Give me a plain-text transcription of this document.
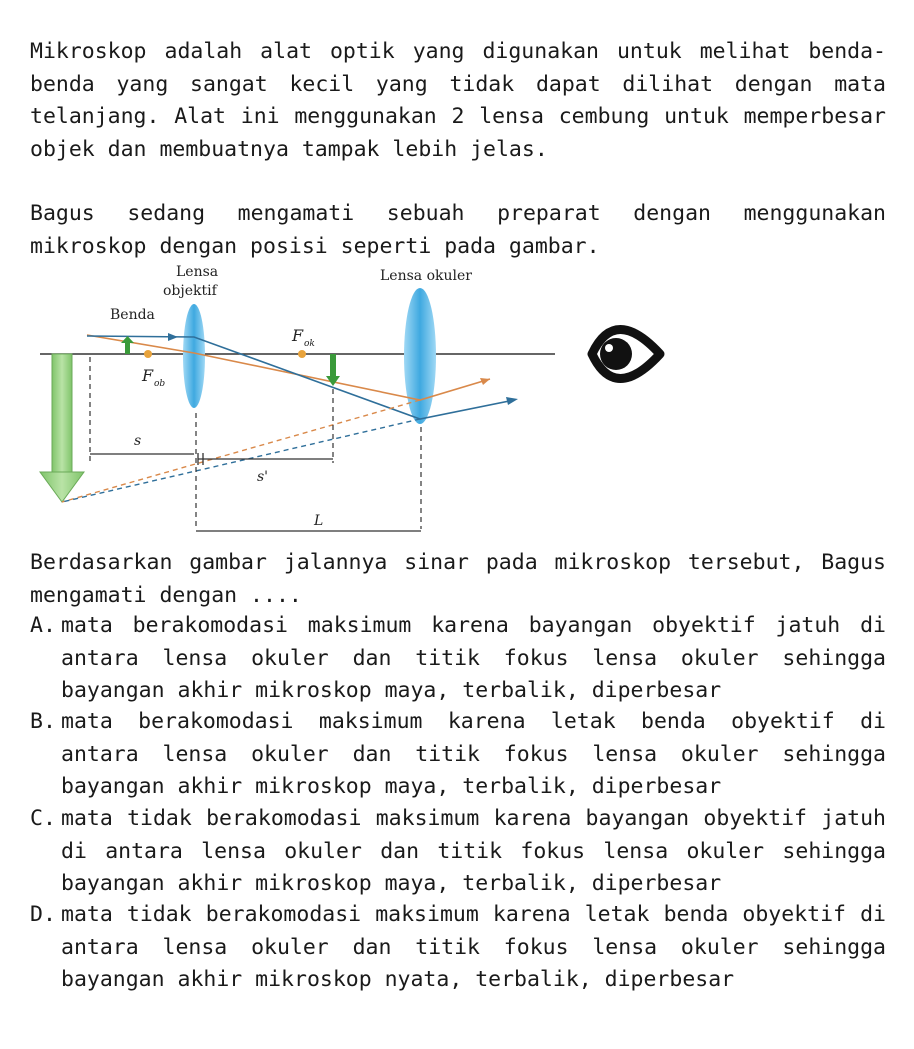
Mikroskop adalah alat optik yang digunakan untuk melihat benda-benda yang sangat kecil yang tidak dapat dilihat dengan mata telanjang. Alat ini menggunakan 2 lensa cembung untuk memperbesar objek dan membuatnya tampak lebih jelas.
Bagus sedang mengamati sebuah preparat dengan menggunakan mikroskop dengan posisi seperti pada gambar.
Lensa
objektif
Lensa okuler
Benda
F ok
F ob
s
s'
L
Berdasarkan gambar jalannya sinar pada mikroskop tersebut, Bagus mengamati dengan ....
A. mata berakomodasi maksimum karena bayangan obyektif jatuh di antara lensa okuler dan titik fokus lensa okuler sehingga bayangan akhir mikroskop maya, terbalik, diperbesar
B. mata berakomodasi maksimum karena letak benda obyektif di antara lensa okuler dan titik fokus lensa okuler sehingga bayangan akhir mikroskop maya, terbalik, diperbesar
C. mata tidak berakomodasi maksimum karena bayangan obyektif jatuh di antara lensa okuler dan titik fokus lensa okuler sehingga bayangan akhir mikroskop maya, terbalik, diperbesar
D. mata tidak berakomodasi maksimum karena letak benda obyektif di antara lensa okuler dan titik fokus lensa okuler sehingga bayangan akhir mikroskop nyata, terbalik, diperbesar
